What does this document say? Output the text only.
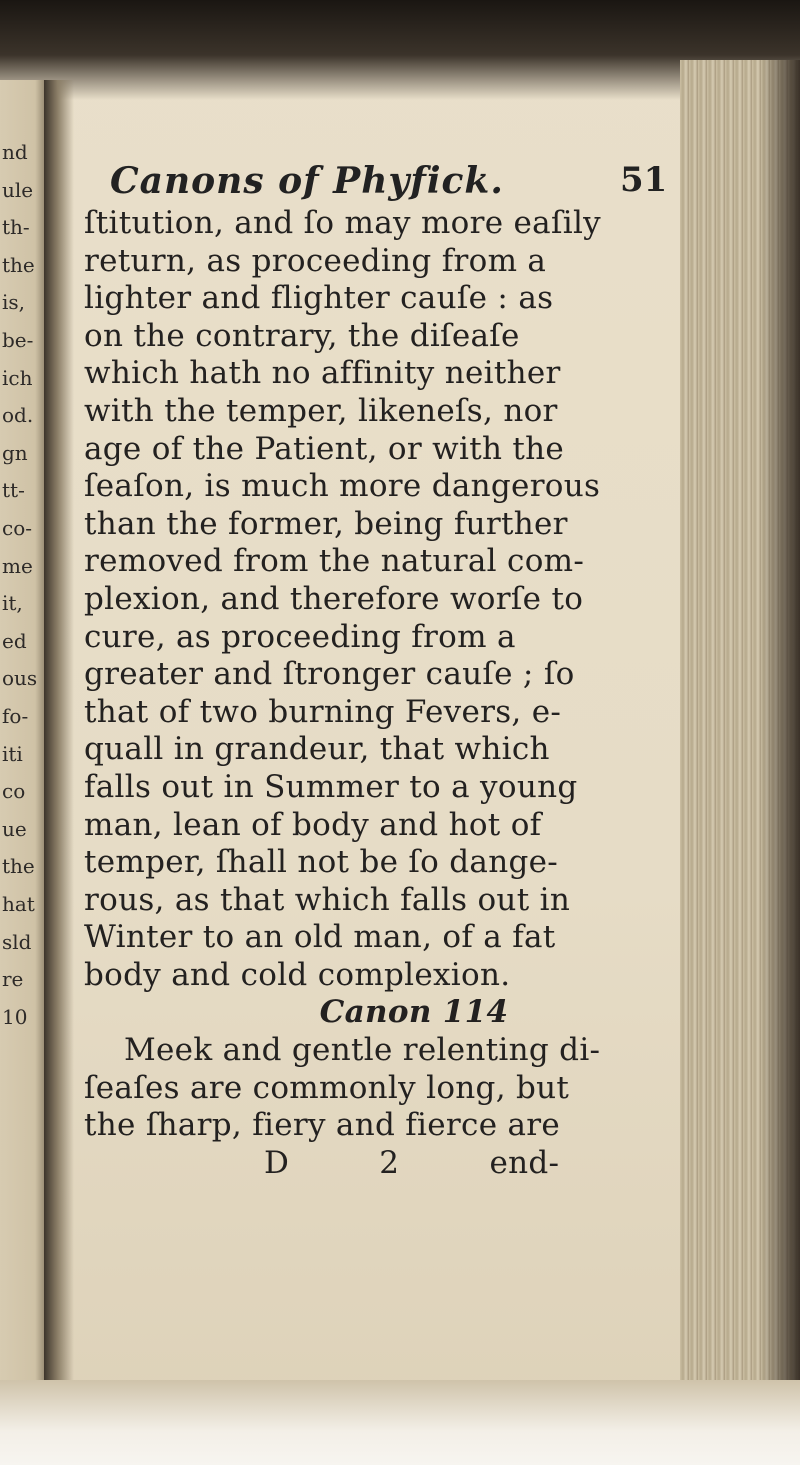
nd
ule
th-
the
is,
be-
ich
od.
gn
tt-
co-
me
it,
ed
ous
fo-
iti
co
ue
the
hat
sld
re
10
Canons of Phyfick.	51
ſtitution, and ſo may more eaſily
return, as proceeding from a
lighter and flighter cauſe : as
on the contrary, the diſeaſe
which hath no affinity neither
with the temper, likeneſs, nor
age of the Patient, or with the
ſeaſon, is much more dangerous
than the former, being further
removed from the natural com-
plexion, and therefore worſe to
cure, as proceeding from a
greater and ſtronger cauſe ; ſo
that of two burning Fevers, e-
quall in grandeur, that which
falls out in Summer to a young
man, lean of body and hot of
temper, ſhall not be ſo dange-
rous, as that which falls out in
Winter to an old man, of a fat
body and cold complexion.
Canon 114
Meek and gentle relenting di-
ſeaſes are commonly long, but
the ſharp, fiery and fierce are
D 2	end-
